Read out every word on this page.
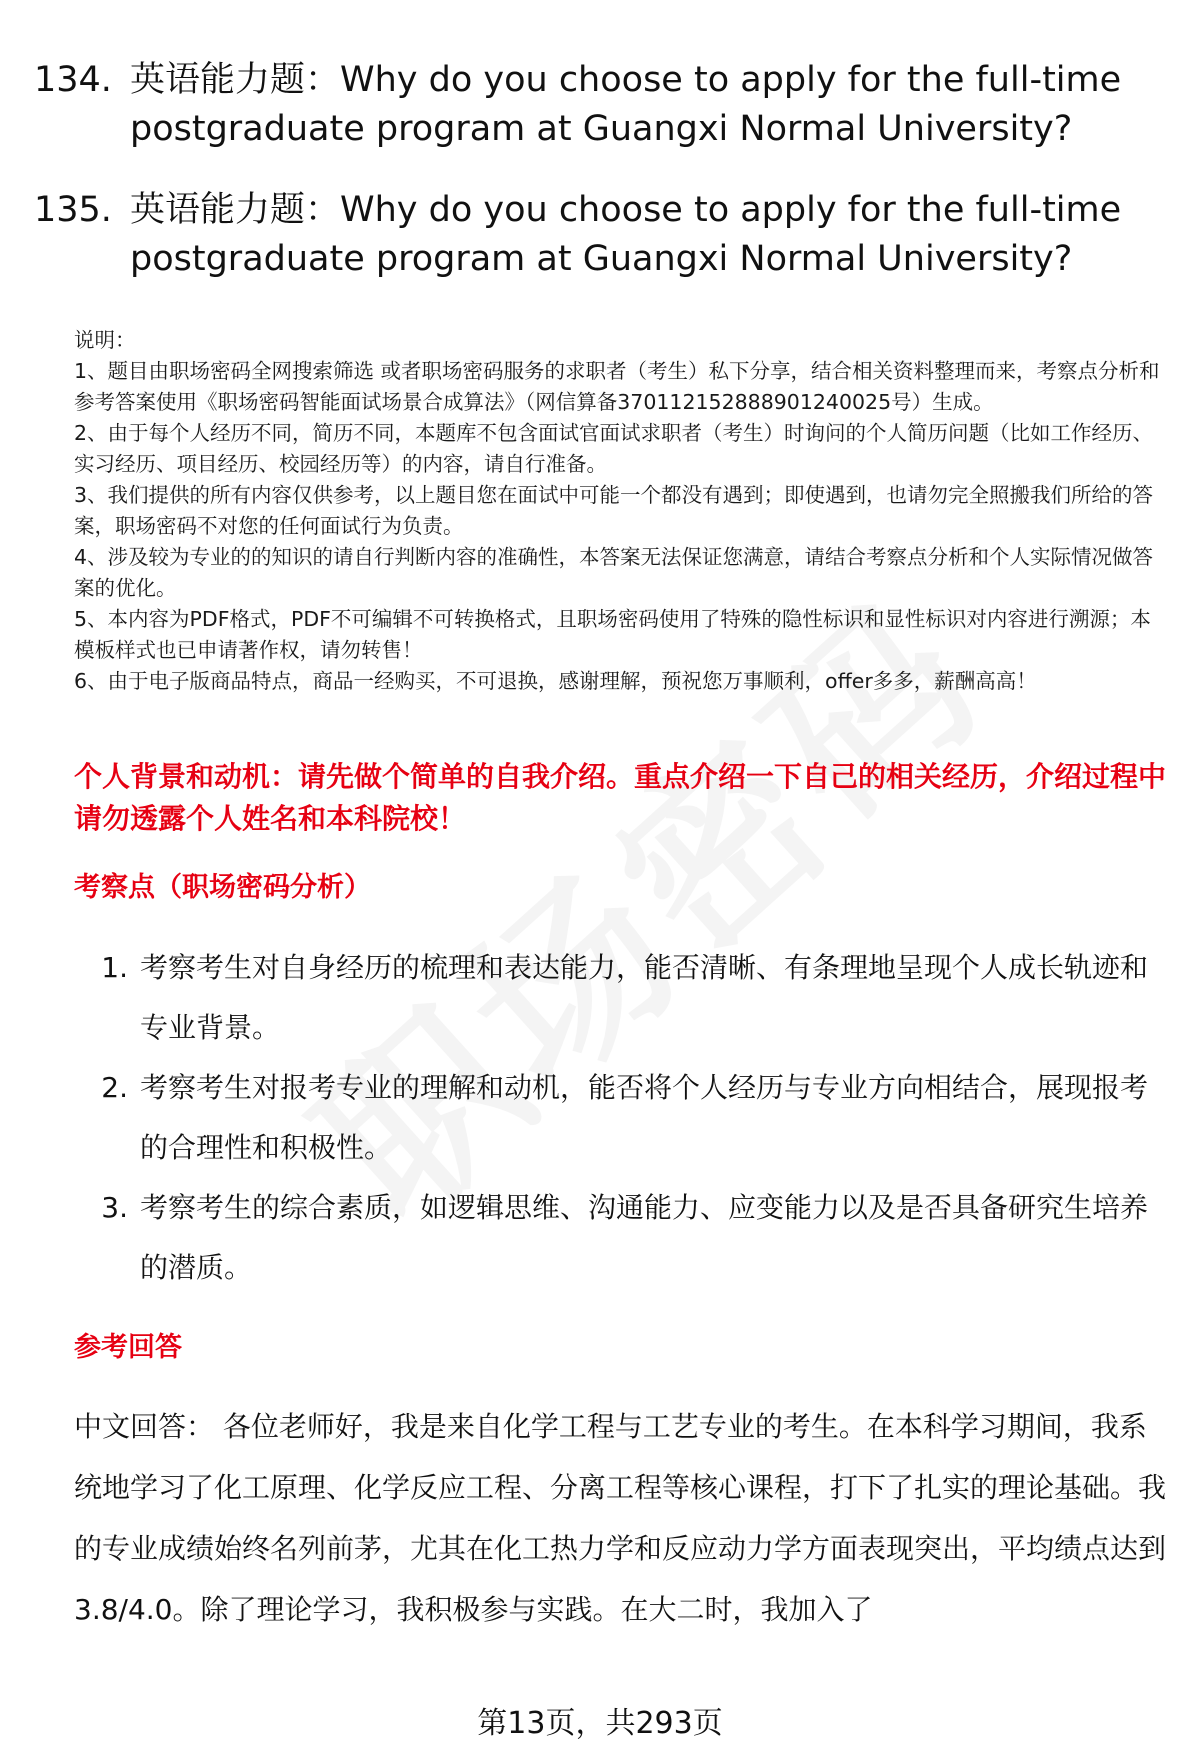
134. 英语能力题：Why do you choose to apply for the full-time postgraduate program at Guangxi Normal University?
135. 英语能力题：Why do you choose to apply for the full-time postgraduate program at Guangxi Normal University?

说明：

1、题目由职场密码全网搜索筛选 或者职场密码服务的求职者（考生）私下分享，结合相关资料整理而来，考察点分析和参考答案使用《职场密码智能面试场景合成算法》（网信算备370112152888901240025号）生成。

2、由于每个人经历不同，简历不同，本题库不包含面试官面试求职者（考生）时询问的个人简历问题（比如工作经历、实习经历、项目经历、校园经历等）的内容，请自行准备。

3、我们提供的所有内容仅供参考，以上题目您在面试中可能一个都没有遇到；即使遇到，也请勿完全照搬我们所给的答案，职场密码不对您的任何面试行为负责。

4、涉及较为专业的的知识的请自行判断内容的准确性，本答案无法保证您满意，请结合考察点分析和个人实际情况做答案的优化。

5、本内容为PDF格式，PDF不可编辑不可转换格式，且职场密码使用了特殊的隐性标识和显性标识对内容进行溯源；本模板样式也已申请著作权，请勿转售！

6、由于电子版商品特点，商品一经购买，不可退换，感谢理解，预祝您万事顺利，offer多多，薪酬高高！

个人背景和动机：请先做个简单的自我介绍。重点介绍一下自己的相关经历，介绍过程中请勿透露个人姓名和本科院校！
考察点（职场密码分析）
1. 考察考生对自身经历的梳理和表达能力，能否清晰、有条理地呈现个人成长轨迹和专业背景。
2. 考察考生对报考专业的理解和动机，能否将个人经历与专业方向相结合，展现报考的合理性和积极性。
3. 考察考生的综合素质，如逻辑思维、沟通能力、应变能力以及是否具备研究生培养的潜质。
参考回答

中文回答： 各位老师好，我是来自化学工程与工艺专业的考生。在本科学习期间，我系统地学习了化工原理、化学反应工程、分离工程等核心课程，打下了扎实的理论基础。我的专业成绩始终名列前茅，尤其在化工热力学和反应动力学方面表现突出，平均绩点达到3.8/4.0。除了理论学习，我积极参与实践。在大二时，我加入了

第13页，共293页
